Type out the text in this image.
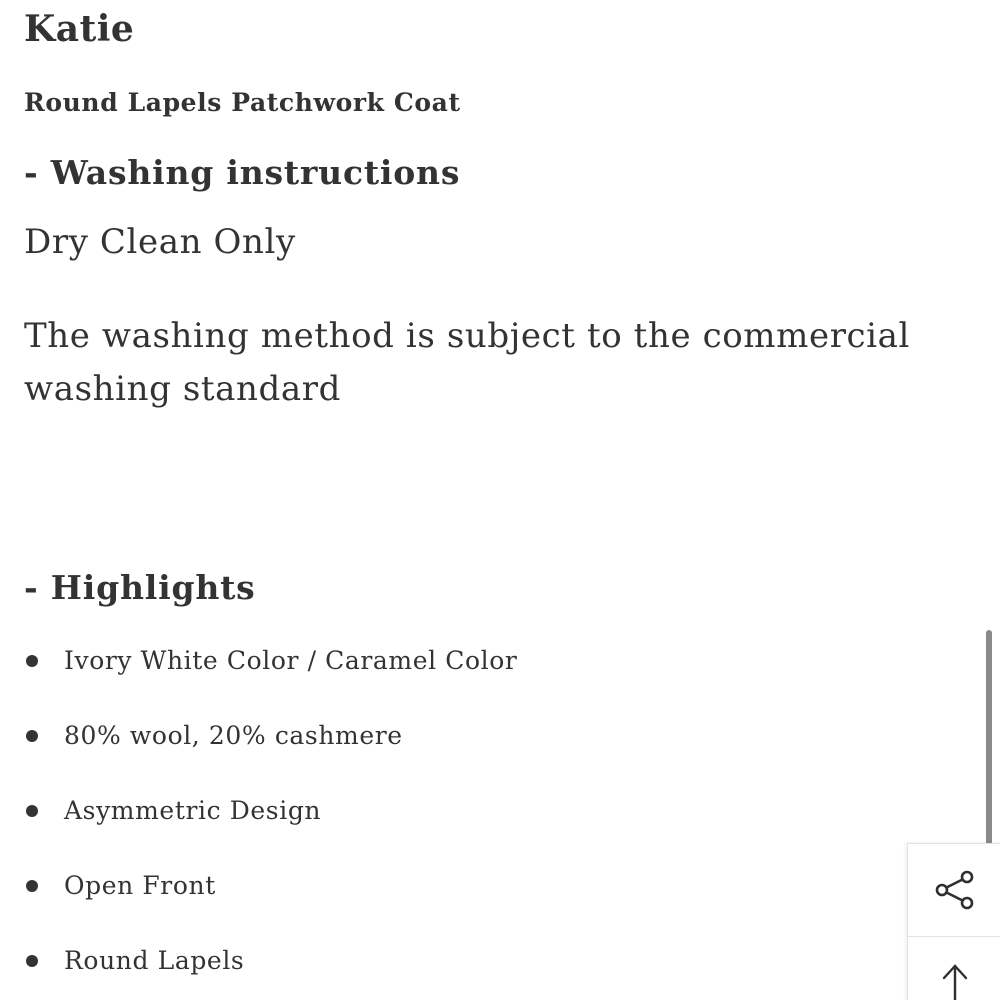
Katie
Round Lapels Patchwork Coat
- Washing instructions
Dry Clean Only
The washing method is subject to the commercial washing standard
- Highlights
Ivory White Color / Caramel Color
80% wool, 20% cashmere
Asymmetric Design
Open Front
Round Lapels
